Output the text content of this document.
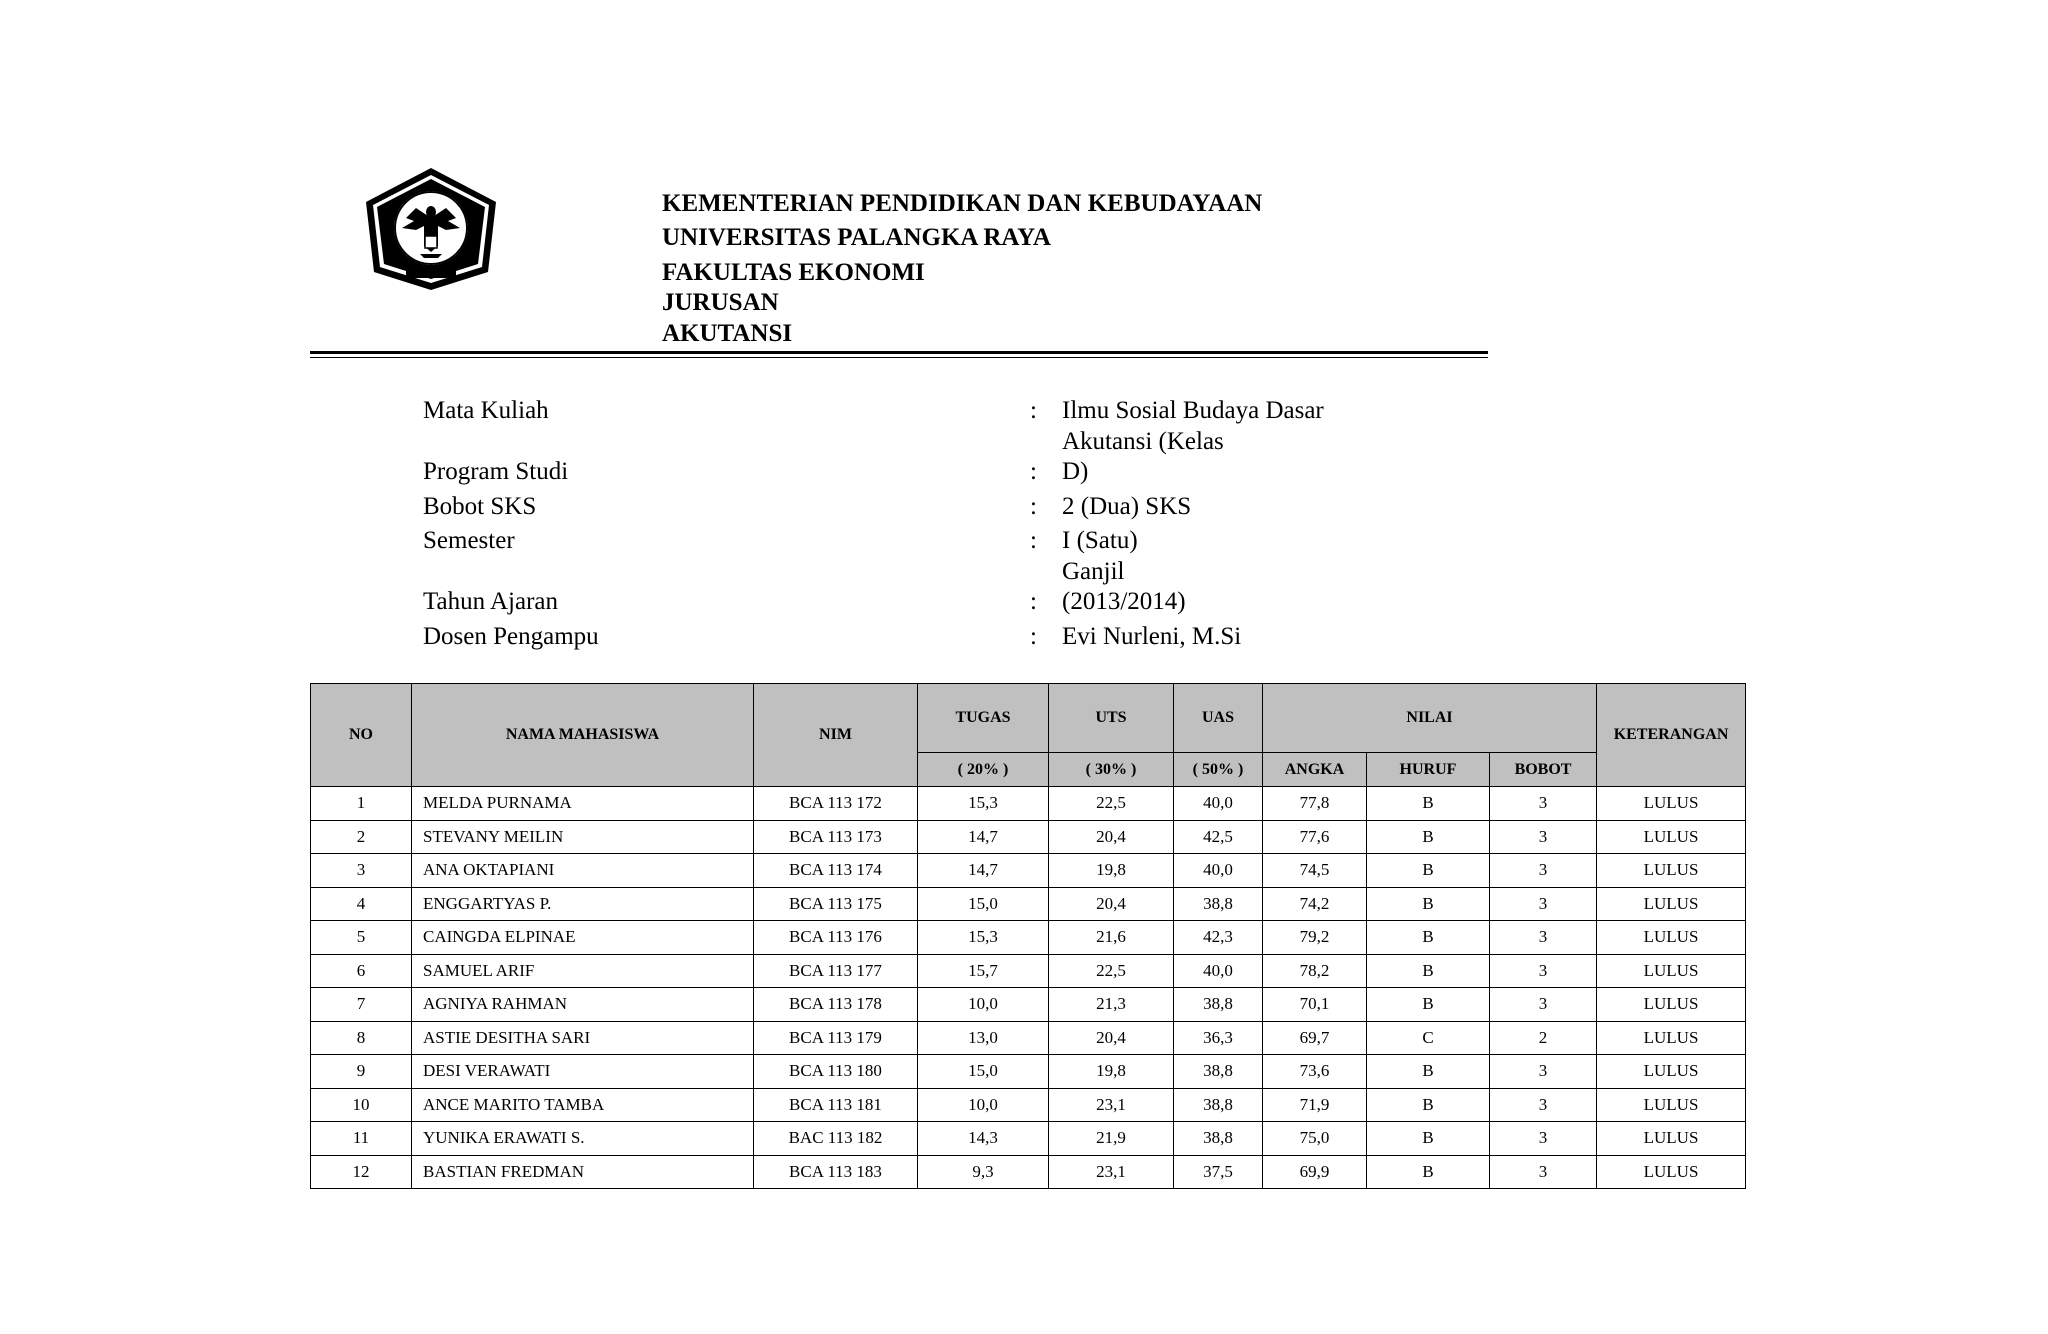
KEMENTERIAN PENDIDIKAN DAN KEBUDAYAAN
UNIVERSITAS PALANGKA RAYA
FAKULTAS EKONOMI
JURUSAN
AKUTANSI
Mata Kuliah	: Ilmu Sosial Budaya Dasar
Akutansi (Kelas
Program Studi	: D)
Bobot SKS	: 2 (Dua) SKS
Semester	: I (Satu)
Ganjil
Tahun Ajaran	: (2013/2014)
Dosen Pengampu	: Evi Nurleni, M.Si
NO	NAMA MAHASISWA	NIM	TUGAS	UTS	UAS	NILAI			KETERANGAN
			( 20% )	( 30% )	( 50% )	ANGKA	HURUF	BOBOT	
1	MELDA PURNAMA	BCA 113 172	15,3	22,5	40,0	77,8	B	3	LULUS
2	STEVANY MEILIN	BCA 113 173	14,7	20,4	42,5	77,6	B	3	LULUS
3	ANA OKTAPIANI	BCA 113 174	14,7	19,8	40,0	74,5	B	3	LULUS
4	ENGGARTYAS P.	BCA 113 175	15,0	20,4	38,8	74,2	B	3	LULUS
5	CAINGDA ELPINAE	BCA 113 176	15,3	21,6	42,3	79,2	B	3	LULUS
6	SAMUEL ARIF	BCA 113 177	15,7	22,5	40,0	78,2	B	3	LULUS
7	AGNIYA RAHMAN	BCA 113 178	10,0	21,3	38,8	70,1	B	3	LULUS
8	ASTIE DESITHA SARI	BCA 113 179	13,0	20,4	36,3	69,7	C	2	LULUS
9	DESI VERAWATI	BCA 113 180	15,0	19,8	38,8	73,6	B	3	LULUS
10	ANCE MARITO TAMBA	BCA 113 181	10,0	23,1	38,8	71,9	B	3	LULUS
11	YUNIKA ERAWATI S.	BAC 113 182	14,3	21,9	38,8	75,0	B	3	LULUS
12	BASTIAN FREDMAN	BCA 113 183	9,3	23,1	37,5	69,9	B	3	LULUS
